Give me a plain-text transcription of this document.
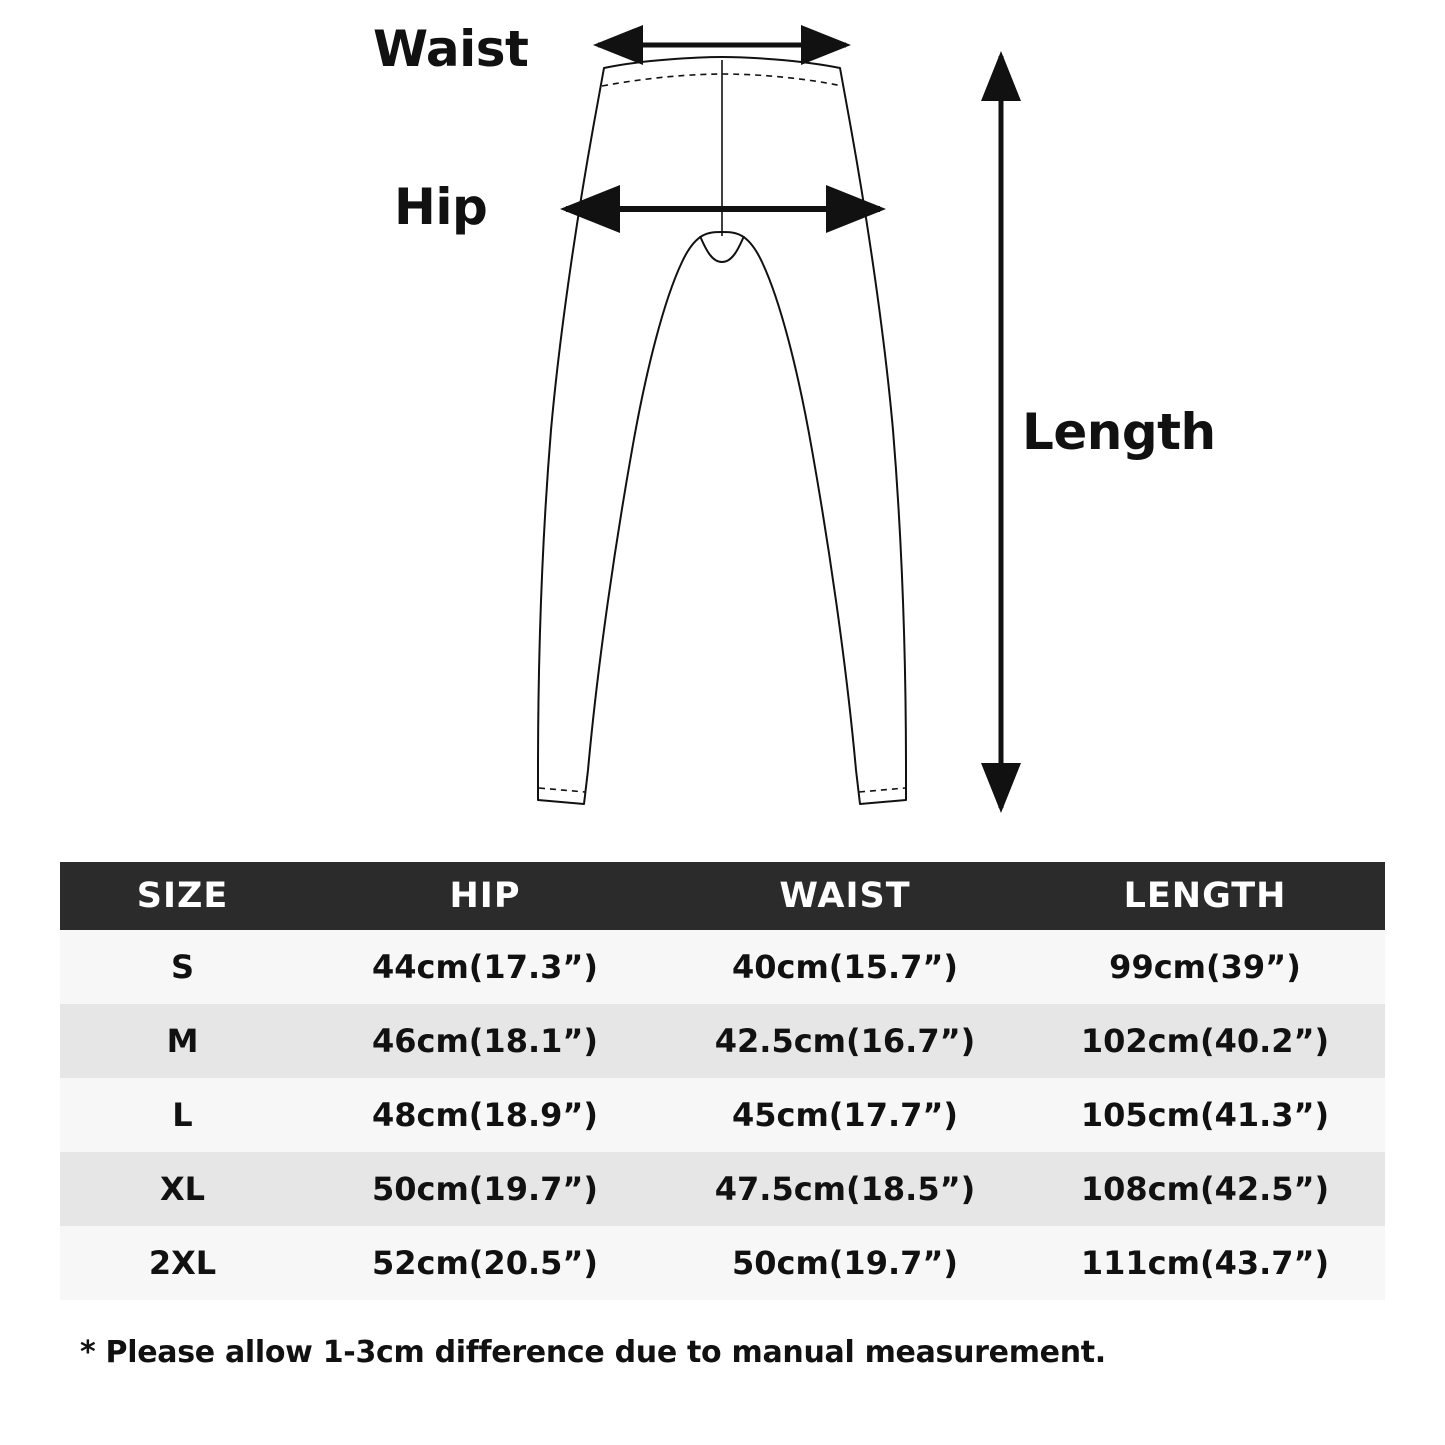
Waist
Hip
Length
SIZE	HIP	WAIST	LENGTH
S	44cm(17.3”)	40cm(15.7”)	99cm(39”)
M	46cm(18.1”)	42.5cm(16.7”)	102cm(40.2”)
L	48cm(18.9”)	45cm(17.7”)	105cm(41.3”)
XL	50cm(19.7”)	47.5cm(18.5”)	108cm(42.5”)
2XL	52cm(20.5”)	50cm(19.7”)	111cm(43.7”)
* Please allow 1-3cm difference due to manual measurement.
